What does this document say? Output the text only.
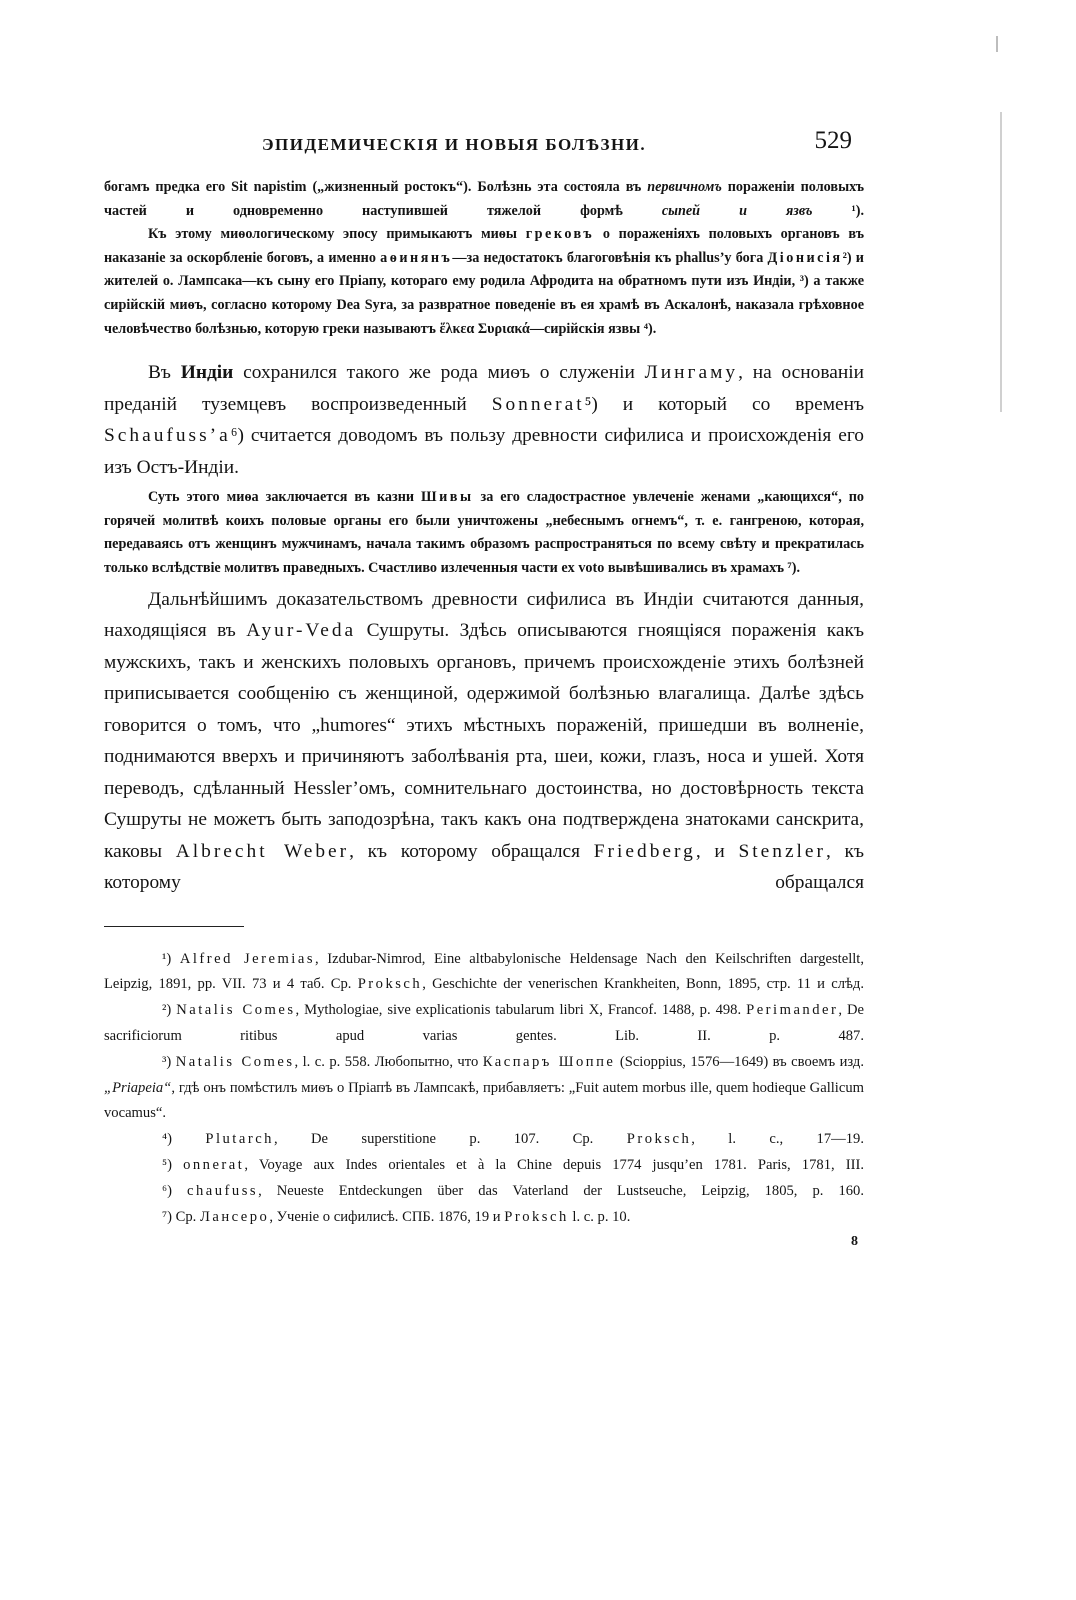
ЭПИДЕМИЧЕСКІЯ И НОВЫЯ БОЛѢЗНИ.	529

богамъ предка его Sit napistim („жизненный ростокъ“). Болѣзнь эта состояла въ первичномъ пораженіи половыхъ частей и одновременно наступившей тяжелой формѣ сыпей и язвъ ¹).

Къ этому миѳологическому эпосу примыкаютъ миѳы грековъ о пораженіяхъ половыхъ органовъ въ наказаніе за оскорбленіе боговъ, а именно аѳинянъ—за недостатокъ благоговѣнія къ phallus’у бога Діонисія²) и жителей о. Лампсака—къ сыну его Пріапу, котораго ему родила Афродита на обратномъ пути изъ Индіи, ³) а также сирійскій миѳъ, согласно которому Dea Syra, за развратное поведеніе въ ея храмѣ въ Аскалонѣ, наказала грѣховное человѣчество болѣзнью, которую греки называютъ ἕλκεα Συριακά—сирійскія язвы ⁴).

Въ Индіи сохранился такого же рода миѳъ о служеніи Лингаму, на основаніи преданій туземцевъ воспроизведенный Sonnerat⁵) и который со временъ Schaufuss’a⁶) считается доводомъ въ пользу древности сифилиса и происхожденія его изъ Остъ-Индіи.

Суть этого миѳа заключается въ казни Шивы за его сладострастное увлеченіе женами „кающихся“, по горячей молитвѣ коихъ половые органы его были уничтожены „небеснымъ огнемъ“, т. е. гангреною, которая, передаваясь отъ женщинъ мужчинамъ, начала такимъ образомъ распространяться по всему свѣту и прекратилась только вслѣдствіе молитвъ праведныхъ. Счастливо излеченныя части ex voto вывѣшивались въ храмахъ ⁷).

Дальнѣйшимъ доказательствомъ древности сифилиса въ Индіи считаются данныя, находящіяся въ Ayur-Veda Сушруты. Здѣсь описываются гноящіяся пораженія какъ мужскихъ, такъ и женскихъ половыхъ органовъ, причемъ происхожденіе этихъ болѣзней приписывается сообщенію съ женщиной, одержимой болѣзнью влагалища. Далѣе здѣсь говорится о томъ, что „humores“ этихъ мѣстныхъ пораженій, пришедши въ волненіе, поднимаются вверхъ и причиняютъ заболѣванія рта, шеи, кожи, глазъ, носа и ушей. Хотя переводъ, сдѣланный Hessler’омъ, сомнительнаго достоинства, но достовѣрность текста Сушруты не можетъ быть заподозрѣна, такъ какъ она подтверждена знатоками санскрита, каковы Albrecht Weber, къ которому обращался Friedberg, и Stenzler, къ которому обращался

¹) Alfred Jeremias, Izdubar-Nimrod, Eine altbabylonische Heldensage Nach den Keilschriften dargestellt, Leipzig, 1891, pp. VII. 73 и 4 таб. Ср. Proksch, Geschichte der venerischen Krankheiten, Bonn, 1895, стр. 11 и слѣд.

²) Natalis Comes, Mythologiae, sive explicationis tabularum libri X, Francof. 1488, p. 498. Perimander, De sacrificiorum ritibus apud varias gentes. Lib. II. p. 487.

³) Natalis Comes, l. c. p. 558. Любопытно, что Каспаръ Шоппе (Scioppius, 1576—1649) въ своемъ изд. „Priapeia“, гдѣ онъ помѣстилъ миѳъ о Пріапѣ въ Лампсакѣ, прибавляетъ: „Fuit autem morbus ille, quem hodieque Gallicum vocamus“.

⁴) Plutarch, De superstitione p. 107. Ср. Proksch, l. c., 17—19.

⁵) onnerat, Voyage aux Indes orientales et à la Chine depuis 1774 jusqu’en 1781. Paris, 1781, III.

⁶) chaufuss, Neueste Entdeckungen über das Vaterland der Lustseuche, Leipzig, 1805, p. 160.

⁷) Ср. Лансеро, Ученіе о сифилисѣ. СПБ. 1876, 19 и Proksch l. c. p. 10.

8
